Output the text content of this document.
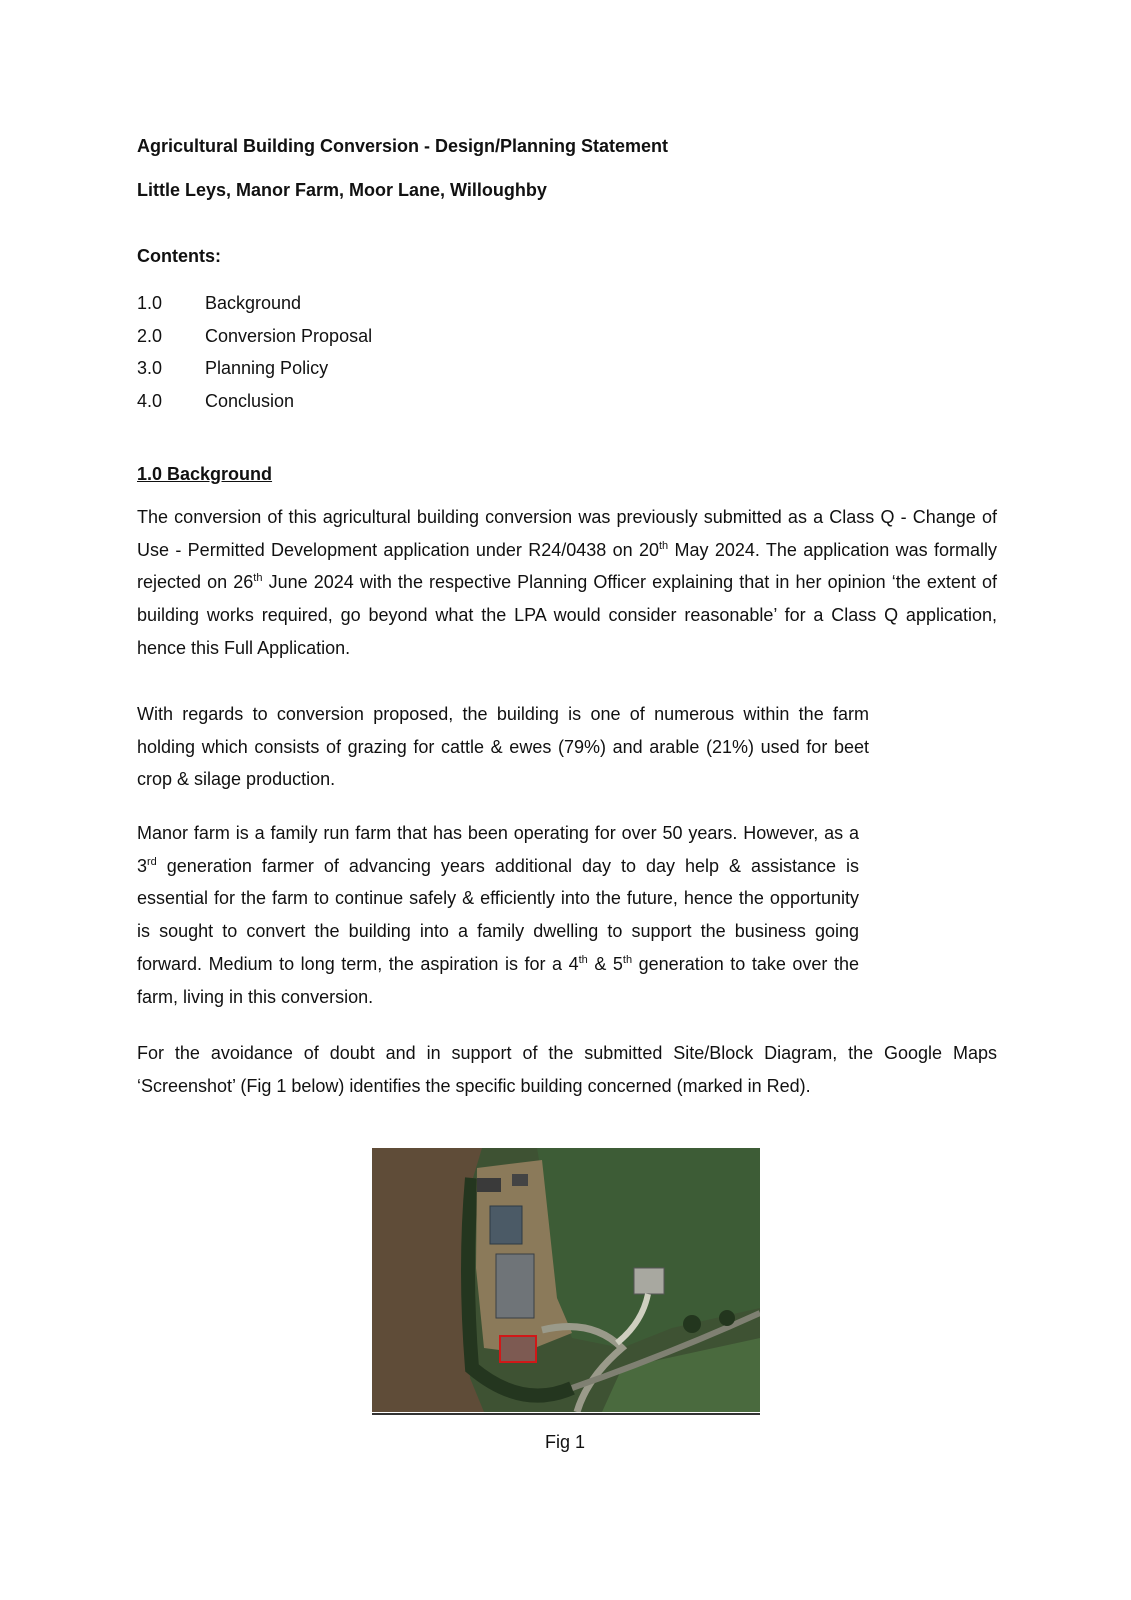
Agricultural Building Conversion - Design/Planning Statement

Little Leys, Manor Farm, Moor Lane, Willoughby

Contents:

1.0	Background
2.0	Conversion Proposal
3.0	Planning Policy
4.0	Conclusion

1.0 Background

The conversion of this agricultural building conversion was previously submitted as a Class Q - Change of Use - Permitted Development application under R24/0438 on 20th May 2024. The application was formally rejected on 26th June 2024 with the respective Planning Officer explaining that in her opinion ‘the extent of building works required, go beyond what the LPA would consider reasonable’ for a Class Q application, hence this Full Application.

With regards to conversion proposed, the building is one of numerous within the farm holding which consists of grazing for cattle & ewes (79%) and arable (21%) used for beet crop & silage production.

Manor farm is a family run farm that has been operating for over 50 years. However, as a 3rd generation farmer of advancing years additional day to day help & assistance is essential for the farm to continue safely & efficiently into the future, hence the opportunity is sought to convert the building into a family dwelling to support the business going forward. Medium to long term, the aspiration is for a 4th & 5th generation to take over the farm, living in this conversion.

For the avoidance of doubt and in support of the submitted Site/Block Diagram, the Google Maps ‘Screenshot’ (Fig 1 below) identifies the specific building concerned (marked in Red).

Fig 1
